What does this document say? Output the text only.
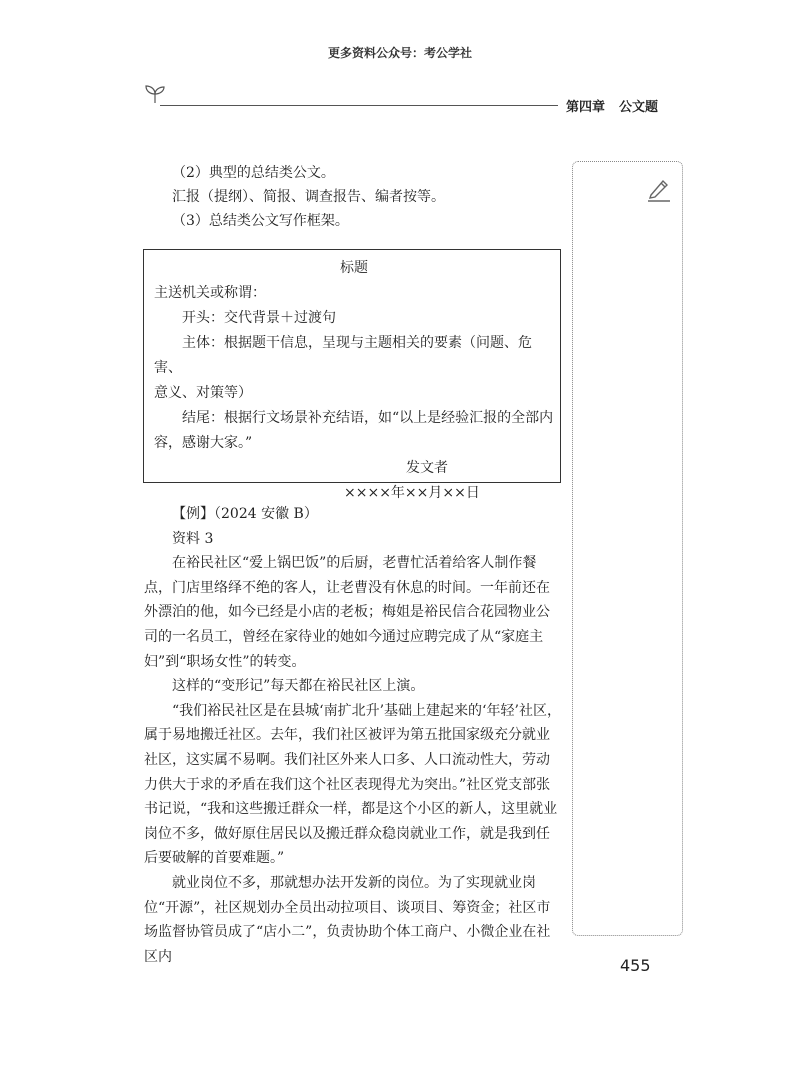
更多资料公众号：考公学社
第四章 公文题

（2）典型的总结类公文。

汇报（提纲）、简报、调查报告、编者按等。

（3）总结类公文写作框架。

标题
主送机关或称谓：
开头：交代背景＋过渡句
主体：根据题干信息，呈现与主题相关的要素（问题、危害、
意义、对策等）
结尾：根据行文场景补充结语，如“以上是经验汇报的全部内
容，感谢大家。”
发文者
××××年××月××日

【例】（2024 安徽 B）

资料 3

在裕民社区“爱上锅巴饭”的后厨，老曹忙活着给客人制作餐点，门店里络绎不绝的客人，让老曹没有休息的时间。一年前还在外漂泊的他，如今已经是小店的老板；梅姐是裕民信合花园物业公司的一名员工，曾经在家待业的她如今通过应聘完成了从“家庭主妇”到“职场女性”的转变。

这样的“变形记”每天都在裕民社区上演。

“我们裕民社区是在县城‘南扩北升’基础上建起来的‘年轻’社区，属于易地搬迁社区。去年，我们社区被评为第五批国家级充分就业社区，这实属不易啊。我们社区外来人口多、人口流动性大，劳动力供大于求的矛盾在我们这个社区表现得尤为突出。”社区党支部张书记说，“我和这些搬迁群众一样，都是这个小区的新人，这里就业岗位不多，做好原住居民以及搬迁群众稳岗就业工作，就是我到任后要破解的首要难题。”

就业岗位不多，那就想办法开发新的岗位。为了实现就业岗位“开源”，社区规划办全员出动拉项目、谈项目、筹资金；社区市场监督协管员成了“店小二”，负责协助个体工商户、小微企业在社区内	455
